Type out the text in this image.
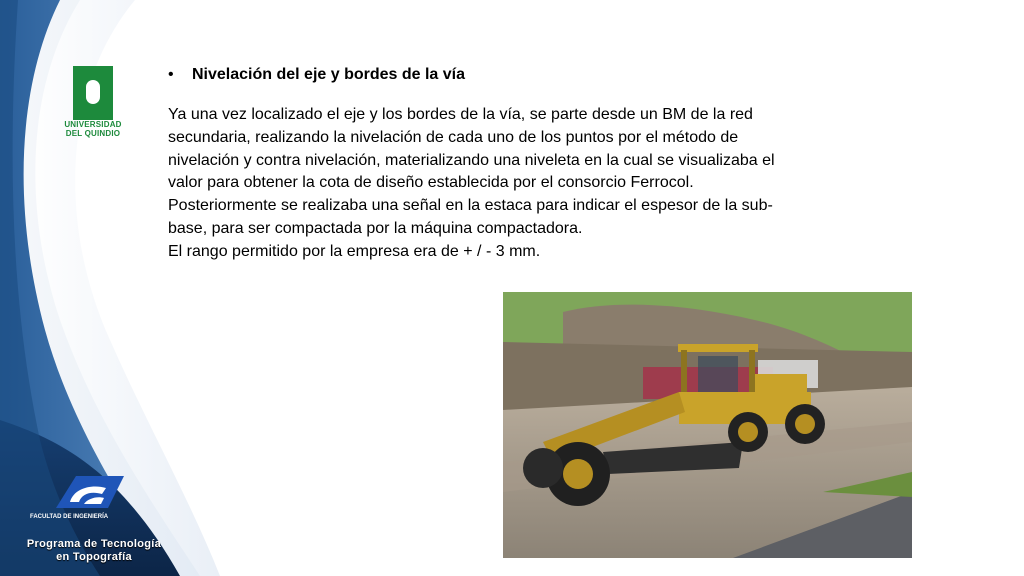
UNIVERSIDAD
DEL QUINDIO
FACULTAD DE INGENIERÍA
Programa de Tecnología
en Topografía
• Nivelación del eje y bordes de la vía
Ya una vez localizado el eje y los bordes de la vía, se parte desde un BM de la red
secundaria, realizando la nivelación de cada uno de los puntos por el método de
nivelación y contra nivelación, materializando una niveleta en la cual se visualizaba el
valor para obtener la cota de diseño establecida por el consorcio Ferrocol.
Posteriormente se realizaba una señal en la estaca para indicar el espesor de la sub-
base, para ser compactada por la máquina compactadora.
El rango permitido por la empresa era de + / - 3 mm.
